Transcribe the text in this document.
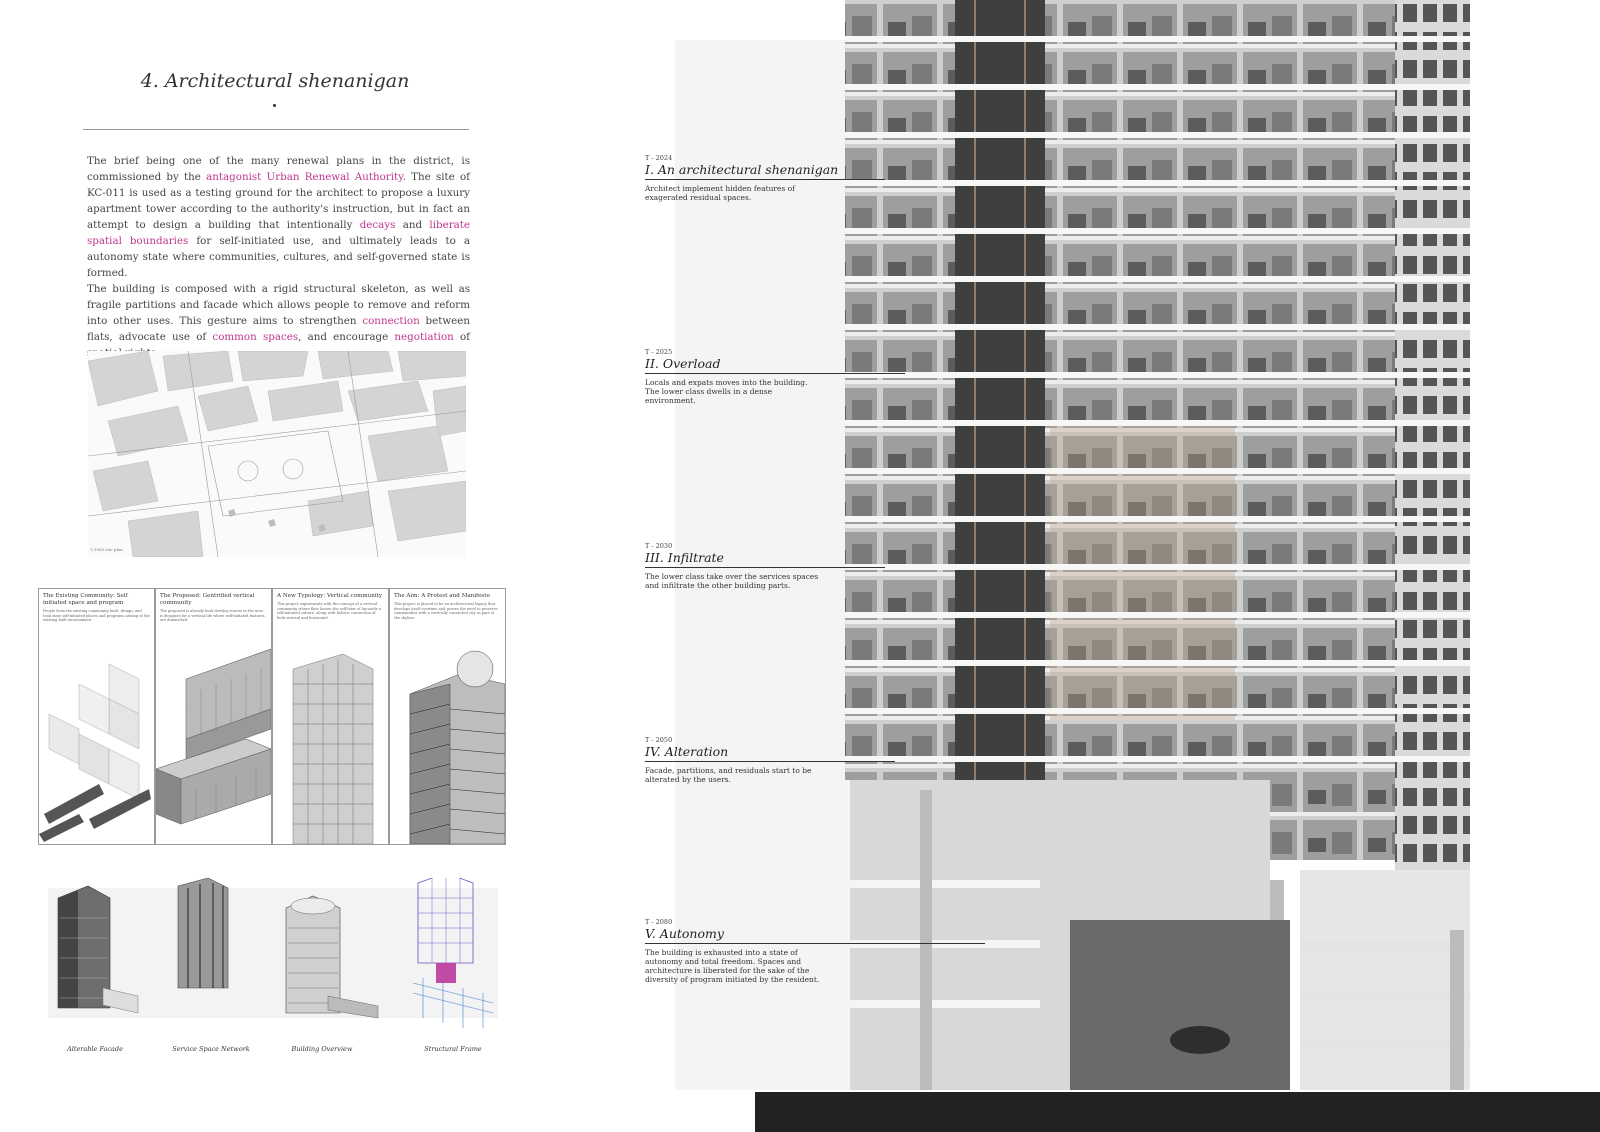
4. Architectural shenanigan

The brief being one of the many renewal plans in the district, is commissioned by the antagonist Urban Renewal Authority. The site of KC-011 is used as a testing ground for the architect to propose a luxury apartment tower according to the authority's instruction, but in fact an attempt to design a building that intentionally decays and liberate spatial boundaries for self-initiated use, and ultimately leads to a autonomy state where communities, cultures, and self-governed state is formed.

The building is composed with a rigid structural skeleton, as well as fragile partitions and facade which allows people to remove and reform into other uses. This gesture aims to strengthen connection between flats, advocate use of common spaces, and encourage negotiation of

1:1000 site plan
The Existing Community: Self initiated space and program

People from the existing community built, design, and took state self-initiated places and programs arising of the existing built environment.

The Proposed: Gentrified vertical community

The proposed is already built develop towers in the area is designed for a vertical life where self-initiated features are diminished.

A New Typology: Vertical community

This project experiments with the concept of a vertical community where flats loosen the self-later of lay-aside a self-initiated culture, along with holistic connection of both vertical and horizontal.

The Aim: A Protest and Manifesto

This project is placed to be an architectural legacy that develops itself overtime and proves the need to preserve communities with a vertically connected city as part of the skyline.

Alterable Facade	Service Space Network	Building Overview	Structural Frame
T - 2024
I. An architectural shenanigan
Architect implement hidden features of exagerated residual spaces.
T - 2025
II. Overload
Locals and expats moves into the building. The lower class dwells in a dense environment.
T - 2030
III. Infiltrate
The lower class take over the services spaces and infiltrate the other building parts.
T - 2050
IV. Alteration
Facade, partitions, and residuals start to be alterated by the users.
T - 2080
V. Autonomy
The building is exhausted into a state of autonomy and total freedom. Spaces and architecture is liberated for the sake of the diversity of program initiated by the resident.
